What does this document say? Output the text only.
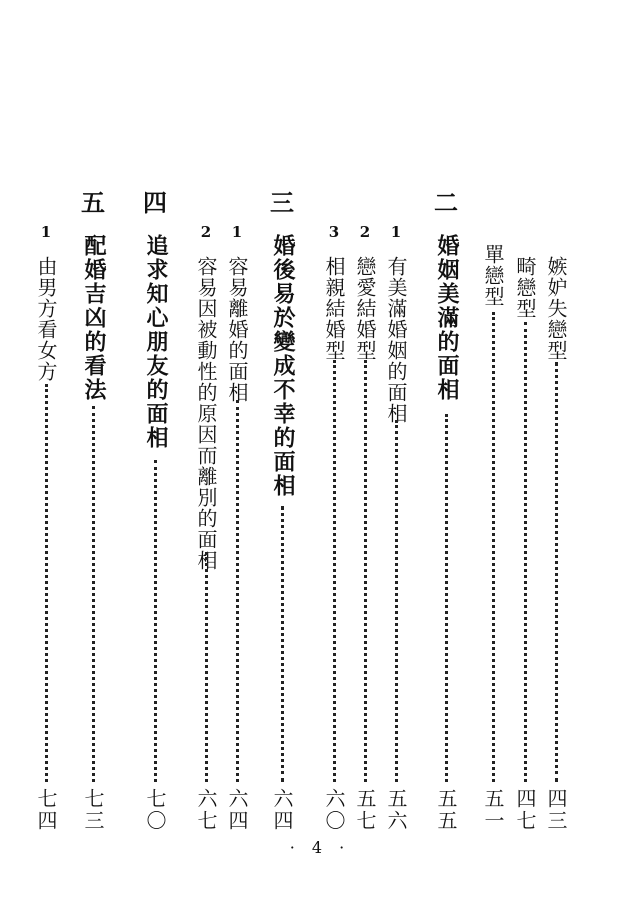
嫉妒失戀型
四三
畸戀型
四七
單戀型
五一
二
婚姻美滿的面相
五五
1
有美滿婚姻的面相
五六
2
戀愛結婚型
五七
3
相親結婚型
六〇
三
婚後易於變成不幸的面相
六四
1
容易離婚的面相
六四
2
容易因被動性的原因而離別的面相
六七
四
追求知心朋友的面相
七〇
五
配婚吉凶的看法
七三
1
由男方看女方
七四
· 4 ·
